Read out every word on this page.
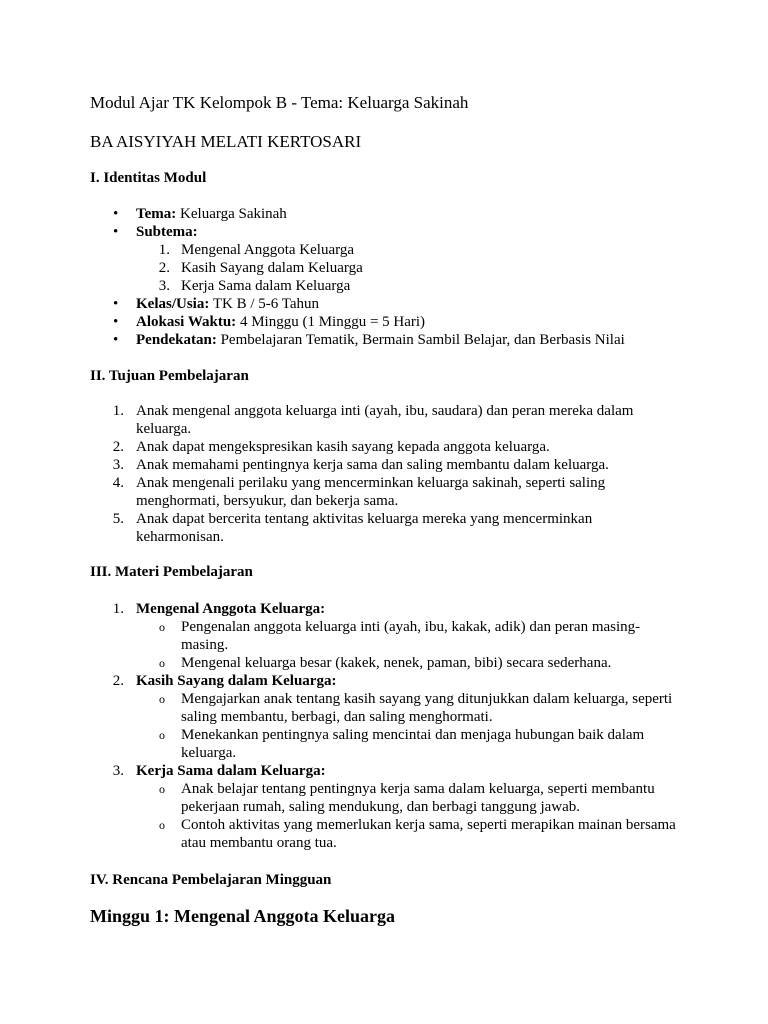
Modul Ajar TK Kelompok B - Tema: Keluarga Sakinah
BA AISYIYAH MELATI KERTOSARI
I. Identitas Modul
• Tema: Keluarga Sakinah
• Subtema:
1. Mengenal Anggota Keluarga
2. Kasih Sayang dalam Keluarga
3. Kerja Sama dalam Keluarga
• Kelas/Usia: TK B / 5-6 Tahun
• Alokasi Waktu: 4 Minggu (1 Minggu = 5 Hari)
• Pendekatan: Pembelajaran Tematik, Bermain Sambil Belajar, dan Berbasis Nilai
II. Tujuan Pembelajaran
1. Anak mengenal anggota keluarga inti (ayah, ibu, saudara) dan peran mereka dalam
keluarga.
2. Anak dapat mengekspresikan kasih sayang kepada anggota keluarga.
3. Anak memahami pentingnya kerja sama dan saling membantu dalam keluarga.
4. Anak mengenali perilaku yang mencerminkan keluarga sakinah, seperti saling
menghormati, bersyukur, dan bekerja sama.
5. Anak dapat bercerita tentang aktivitas keluarga mereka yang mencerminkan
keharmonisan.
III. Materi Pembelajaran
1. Mengenal Anggota Keluarga:
o Pengenalan anggota keluarga inti (ayah, ibu, kakak, adik) dan peran masing-
masing.
o Mengenal keluarga besar (kakek, nenek, paman, bibi) secara sederhana.
2. Kasih Sayang dalam Keluarga:
o Mengajarkan anak tentang kasih sayang yang ditunjukkan dalam keluarga, seperti
saling membantu, berbagi, dan saling menghormati.
o Menekankan pentingnya saling mencintai dan menjaga hubungan baik dalam
keluarga.
3. Kerja Sama dalam Keluarga:
o Anak belajar tentang pentingnya kerja sama dalam keluarga, seperti membantu
pekerjaan rumah, saling mendukung, dan berbagi tanggung jawab.
o Contoh aktivitas yang memerlukan kerja sama, seperti merapikan mainan bersama
atau membantu orang tua.
IV. Rencana Pembelajaran Mingguan
Minggu 1: Mengenal Anggota Keluarga
